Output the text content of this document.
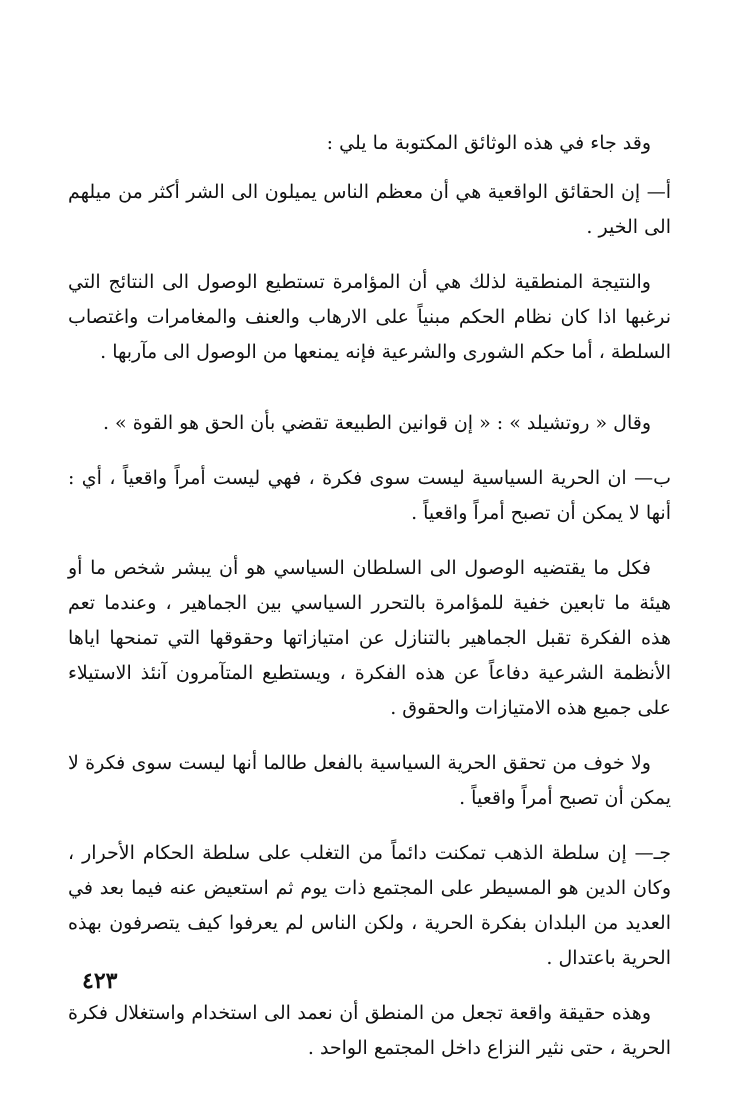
وقد جاء في هذه الوثائق المكتوبة ما يلي :

أ— إن الحقائق الواقعية هي أن معظم الناس يميلون الى الشر أكثر من ميلهم الى الخير .

والنتيجة المنطقية لذلك هي أن المؤامرة تستطيع الوصول الى النتائج التي نرغبها اذا كان نظام الحكم مبنياً على الارهاب والعنف والمغامرات واغتصاب السلطة ، أما حكم الشورى والشرعية فإنه يمنعها من الوصول الى مآربها .

وقال « روتشيلد » : « إن قوانين الطبيعة تقضي بأن الحق هو القوة » .

ب— ان الحرية السياسية ليست سوى فكرة ، فهي ليست أمراً واقعياً ، أي : أنها لا يمكن أن تصبح أمراً واقعياً .

فكل ما يقتضيه الوصول الى السلطان السياسي هو أن يبشر شخص ما أو هيئة ما تابعين خفية للمؤامرة بالتحرر السياسي بين الجماهير ، وعندما تعم هذه الفكرة تقبل الجماهير بالتنازل عن امتيازاتها وحقوقها التي تمنحها اياها الأنظمة الشرعية دفاعاً عن هذه الفكرة ، ويستطيع المتآمرون آنئذ الاستيلاء على جميع هذه الامتيازات والحقوق .

ولا خوف من تحقق الحرية السياسية بالفعل طالما أنها ليست سوى فكرة لا يمكن أن تصبح أمراً واقعياً .

جـ— إن سلطة الذهب تمكنت دائماً من التغلب على سلطة الحكام الأحرار ، وكان الدين هو المسيطر على المجتمع ذات يوم ثم استعيض عنه فيما بعد في العديد من البلدان بفكرة الحرية ، ولكن الناس لم يعرفوا كيف يتصرفون بهذه الحرية باعتدال .

وهذه حقيقة واقعة تجعل من المنطق أن نعمد الى استخدام واستغلال فكرة الحرية ، حتى نثير النزاع داخل المجتمع الواحد .

٤٢٣
